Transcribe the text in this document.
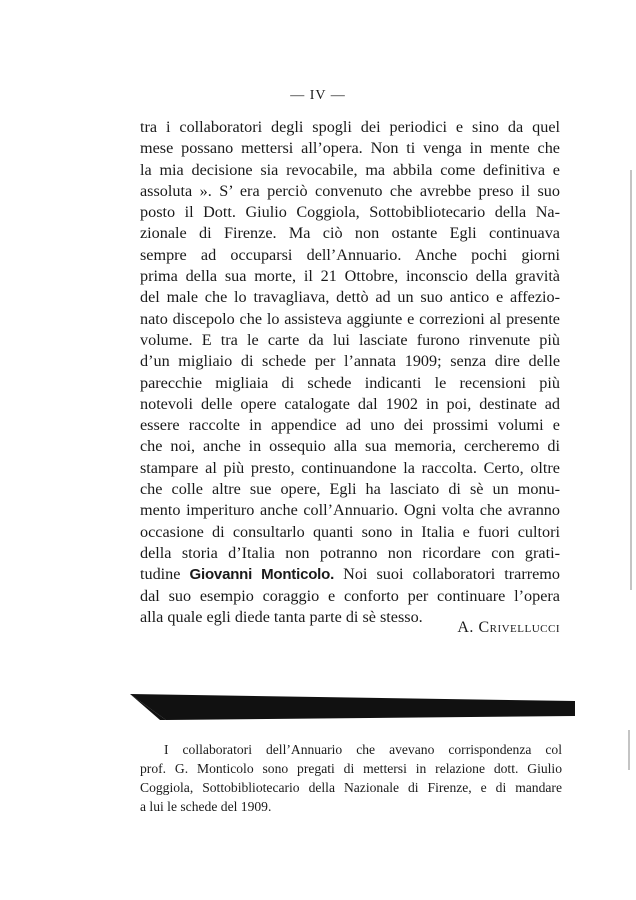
— IV —
tra i collaboratori degli spogli dei periodici e sino da quel
mese possano mettersi all’opera. Non ti venga in mente che
la mia decisione sia revocabile, ma abbila come definitiva e
assoluta ». S’ era perciò convenuto che avrebbe preso il suo
posto il Dott. Giulio Coggiola, Sottobibliotecario della Na-
zionale di Firenze. Ma ciò non ostante Egli continuava
sempre ad occuparsi dell’Annuario. Anche pochi giorni
prima della sua morte, il 21 Ottobre, inconscio della gravità
del male che lo travagliava, dettò ad un suo antico e affezio-
nato discepolo che lo assisteva aggiunte e correzioni al presente
volume. E tra le carte da lui lasciate furono rinvenute più
d’un migliaio di schede per l’annata 1909; senza dire delle
parecchie migliaia di schede indicanti le recensioni più
notevoli delle opere catalogate dal 1902 in poi, destinate ad
essere raccolte in appendice ad uno dei prossimi volumi e
che noi, anche in ossequio alla sua memoria, cercheremo di
stampare al più presto, continuandone la raccolta. Certo, oltre
che colle altre sue opere, Egli ha lasciato di sè un monu-
mento imperituro anche coll’Annuario. Ogni volta che avranno
occasione di consultarlo quanti sono in Italia e fuori cultori
della storia d’Italia non potranno non ricordare con grati-
tudine Giovanni Monticolo. Noi suoi collaboratori trarremo
dal suo esempio coraggio e conforto per continuare l’opera
alla quale egli diede tanta parte di sè stesso.
A. Crivellucci
I collaboratori dell’Annuario che avevano corrispondenza col
prof. G. Monticolo sono pregati di mettersi in relazione dott. Giulio
Coggiola, Sottobibliotecario della Nazionale di Firenze, e di mandare
a lui le schede del 1909.
